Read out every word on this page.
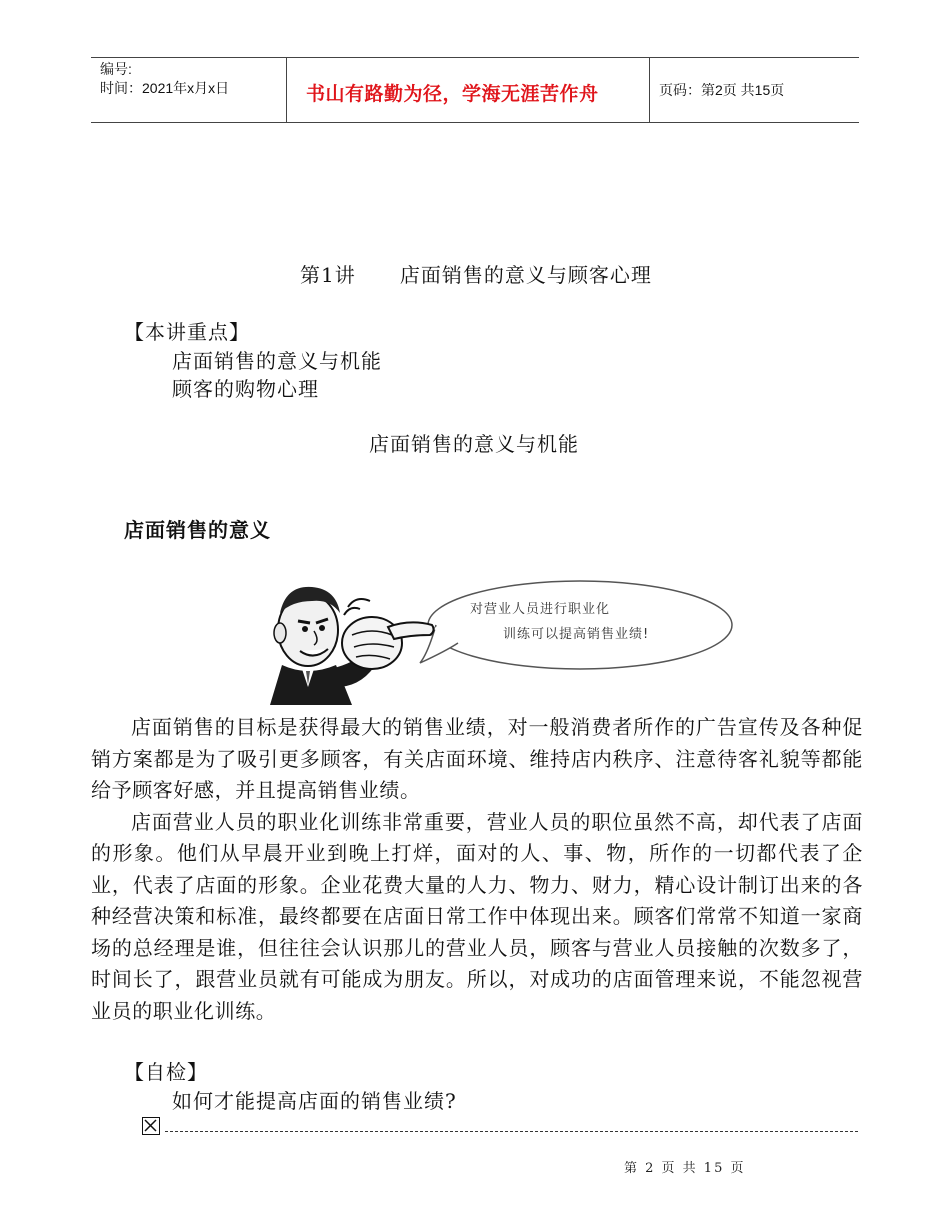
编号:
时间：2021年x月x日	书山有路勤为径，学海无涯苦作舟	页码：第2页 共15页
第1讲      店面销售的意义与顾客心理
【本讲重点】
店面销售的意义与机能
顾客的购物心理
店面销售的意义与机能
店面销售的意义
对营业人员进行职业化
训练可以提高销售业绩!

店面销售的目标是获得最大的销售业绩，对一般消费者所作的广告宣传及各种促销方案都是为了吸引更多顾客，有关店面环境、维持店内秩序、注意待客礼貌等都能给予顾客好感，并且提高销售业绩。

店面营业人员的职业化训练非常重要，营业人员的职位虽然不高，却代表了店面的形象。他们从早晨开业到晚上打烊，面对的人、事、物，所作的一切都代表了企业，代表了店面的形象。企业花费大量的人力、物力、财力，精心设计制订出来的各种经营决策和标准，最终都要在店面日常工作中体现出来。顾客们常常不知道一家商场的总经理是谁，但往往会认识那儿的营业人员，顾客与营业人员接触的次数多了，时间长了，跟营业员就有可能成为朋友。所以，对成功的店面管理来说，不能忽视营业员的职业化训练。

【自检】
如何才能提高店面的销售业绩?
第 2 页 共 15 页
